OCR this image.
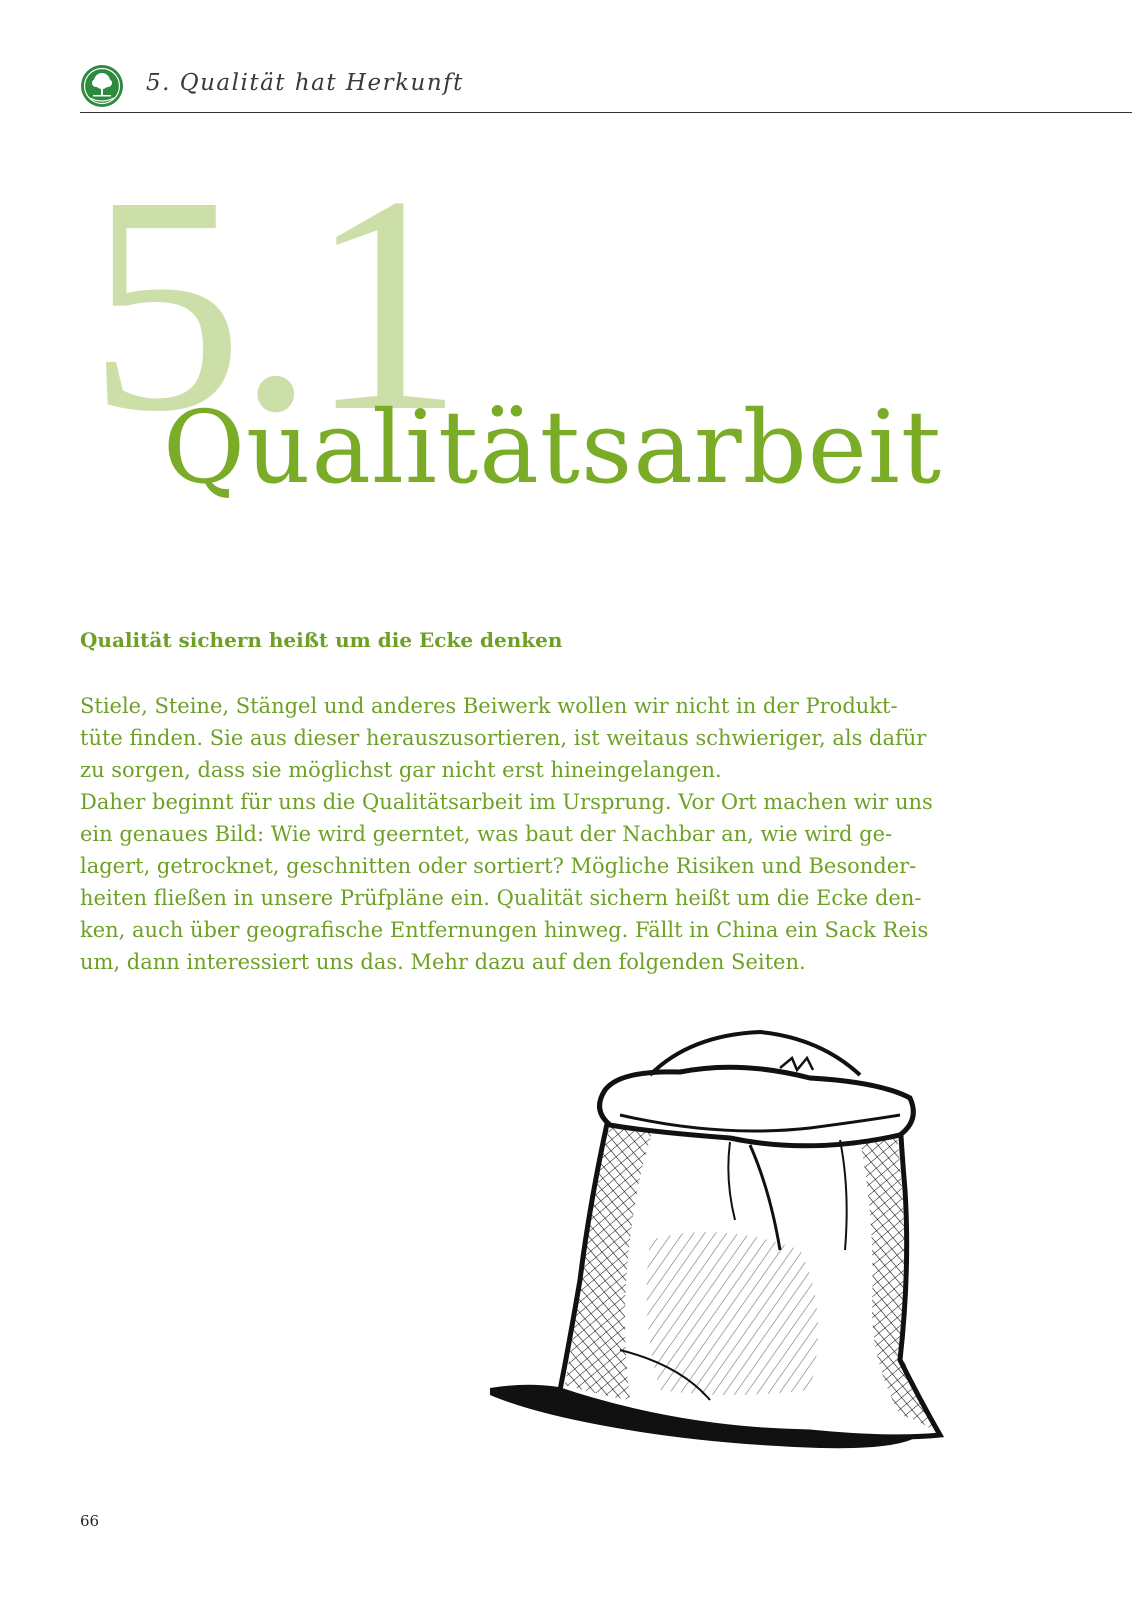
5. Qualität hat Herkunft
5.1
Qualitätsarbeit
Qualität sichern heißt um die Ecke denken
Stiele, Steine, Stängel und anderes Beiwerk wollen wir nicht in der Produkt-
tüte finden. Sie aus dieser herauszusortieren, ist weitaus schwieriger, als dafür
zu sorgen, dass sie möglichst gar nicht erst hineingelangen.
Daher beginnt für uns die Qualitätsarbeit im Ursprung. Vor Ort machen wir uns
ein genaues Bild: Wie wird geerntet, was baut der Nachbar an, wie wird ge-
lagert, getrocknet, geschnitten oder sortiert? Mögliche Risiken und Besonder-
heiten fließen in unsere Prüfpläne ein. Qualität sichern heißt um die Ecke den-
ken, auch über geografische Entfernungen hinweg. Fällt in China ein Sack Reis
um, dann interessiert uns das. Mehr dazu auf den folgenden Seiten.
66
